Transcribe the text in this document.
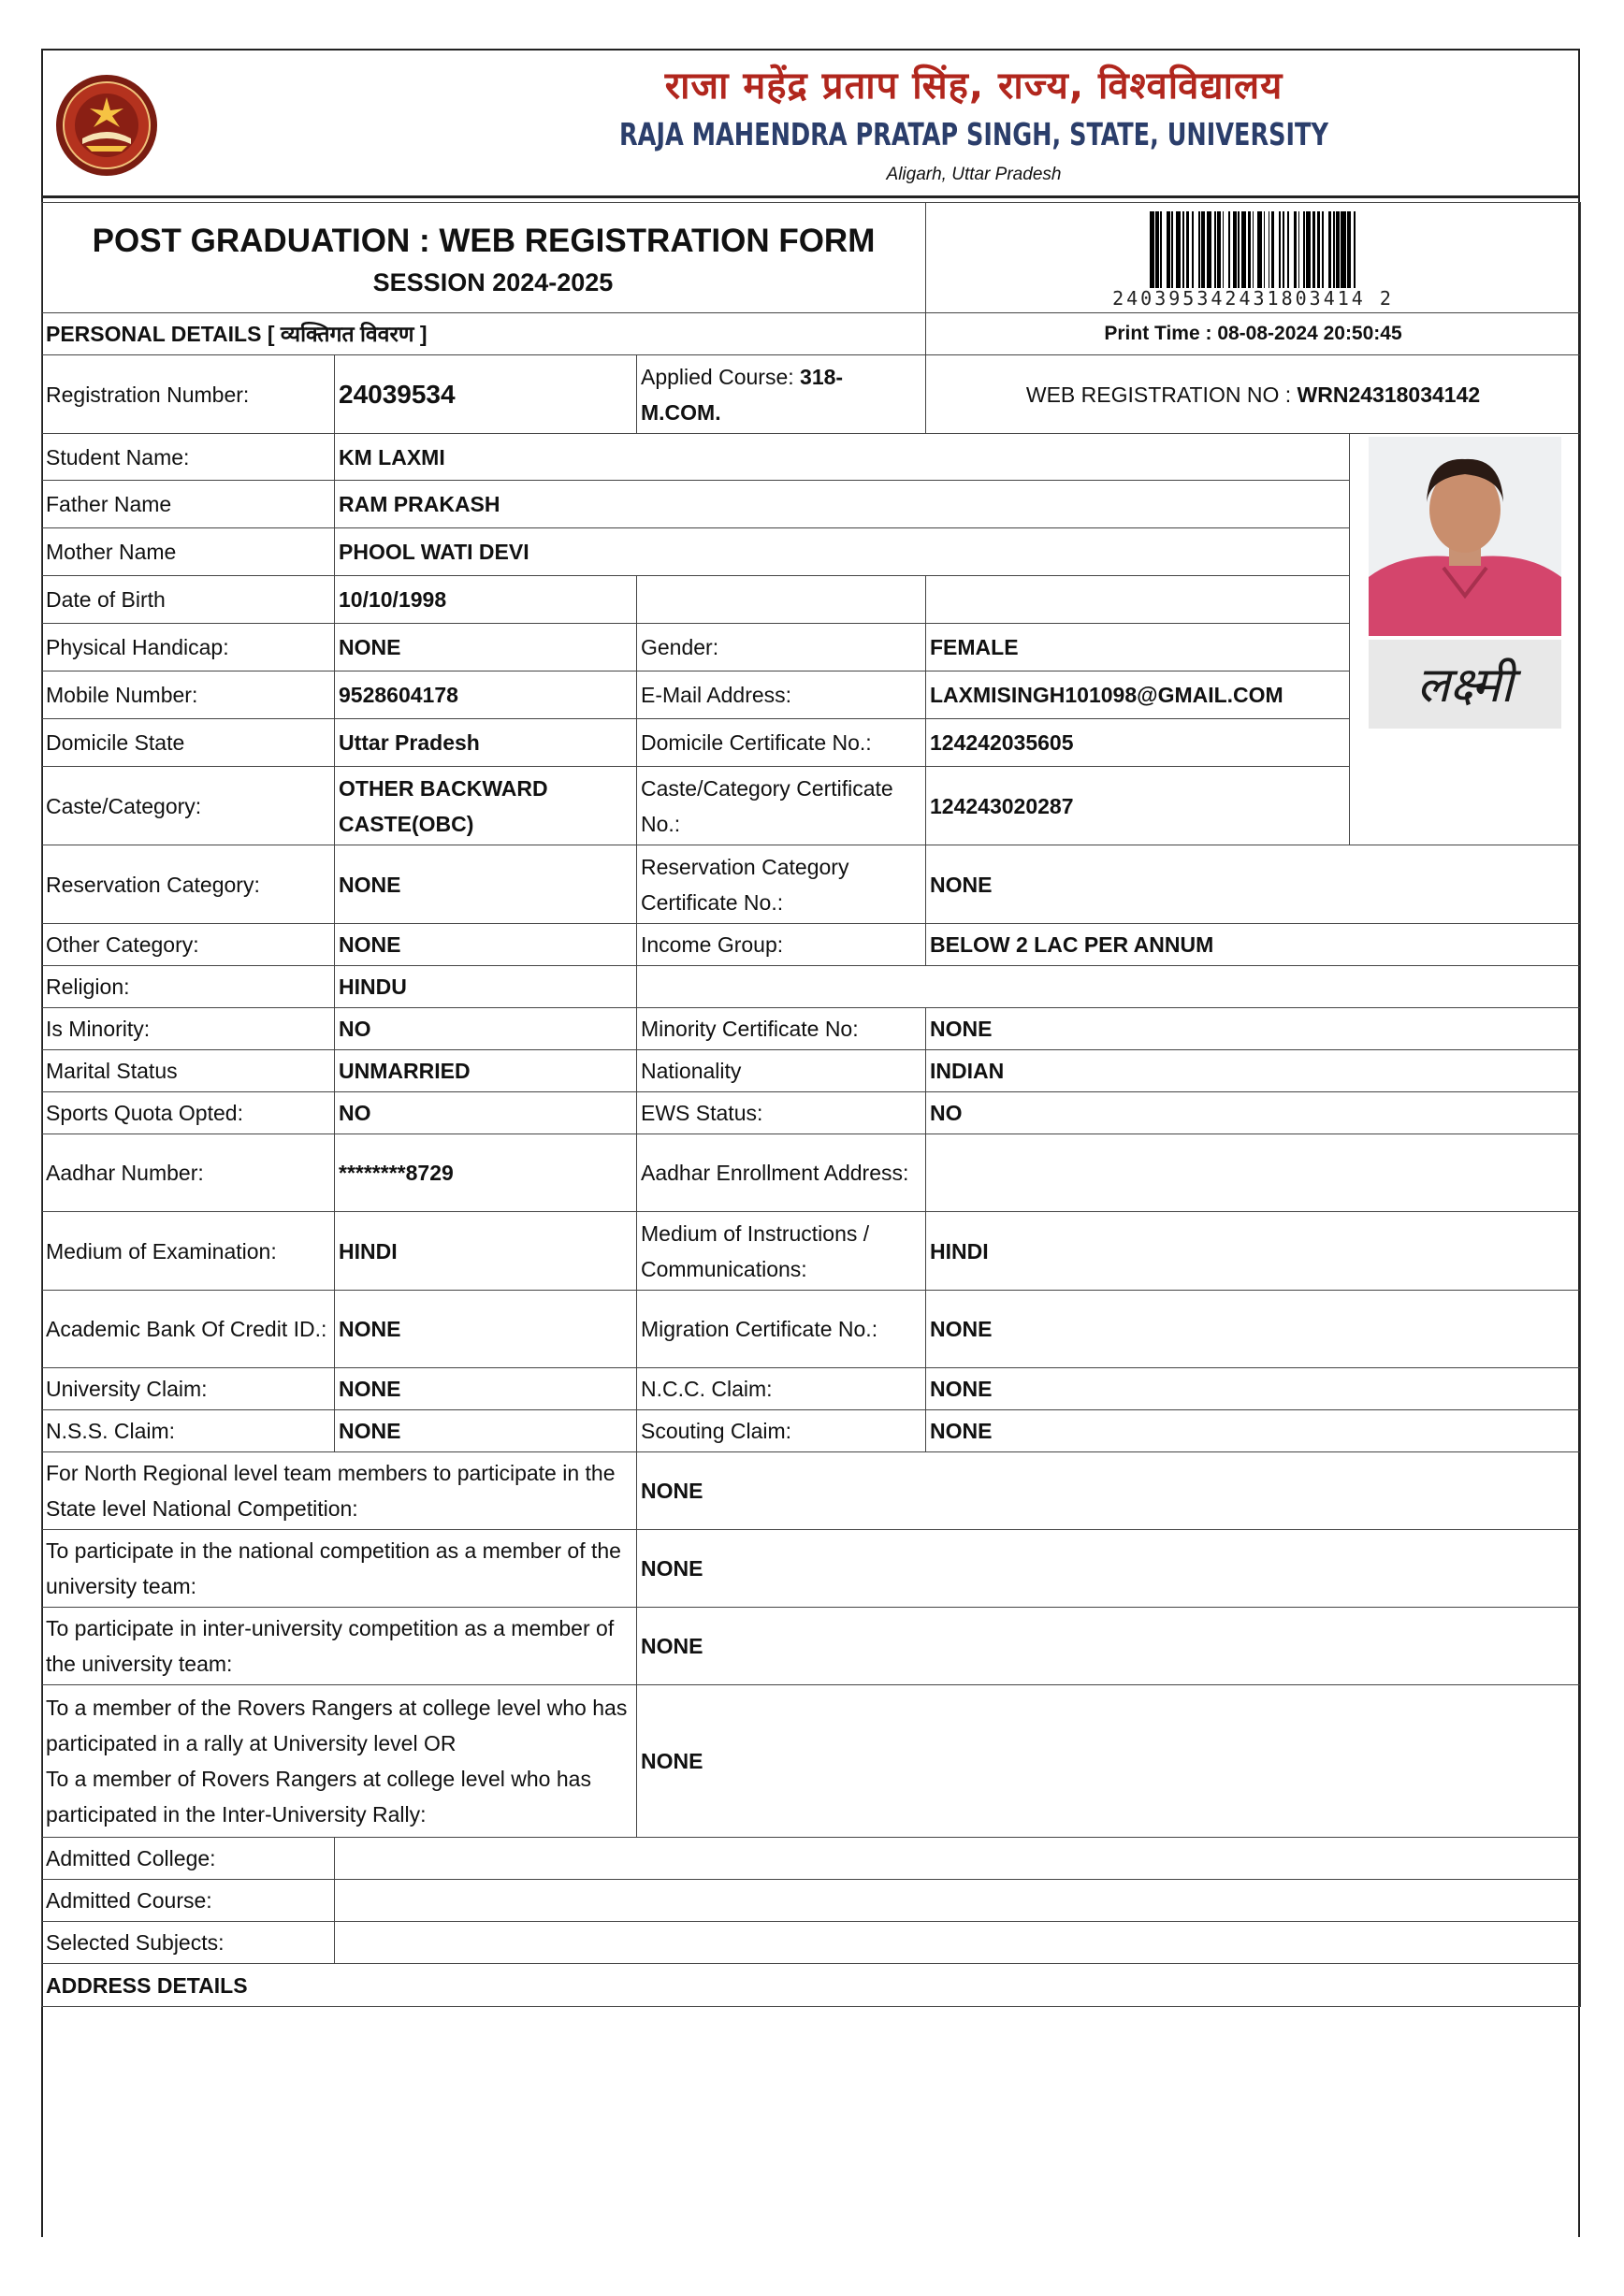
राजा महेंद्र प्रताप सिंह, राज्य, विश्वविद्यालय
RAJA MAHENDRA PRATAP SINGH, STATE, UNIVERSITY
Aligarh, Uttar Pradesh
POST GRADUATION : WEB REGISTRATION FORM
SESSION 2024-2025			240395342431803414 2	

PERSONAL DETAILS [ व्यक्तिगत विवरण ]			Print Time : 08-08-2024 20:50:45	
Registration Number:	24039534	Applied Course: 318-M.COM.	WEB REGISTRATION NO : WRN24318034142	
Student Name:	KM LAXMI			लक्ष्मी

Father Name	RAM PRAKASH			
Mother Name	PHOOL WATI DEVI			
Date of Birth	10/10/1998			
Physical Handicap:	NONE	Gender:	FEMALE	
Mobile Number:	9528604178	E-Mail Address:	LAXMISINGH101098@GMAIL.COM	
Domicile State	Uttar Pradesh	Domicile Certificate No.:	124242035605	
Caste/Category:	OTHER BACKWARD CASTE(OBC)	Caste/Category Certificate No.:	124243020287	
Reservation Category:	NONE	Reservation Category Certificate No.:	NONE	
Other Category:	NONE	Income Group:	BELOW 2 LAC PER ANNUM	
Religion:	HINDU			
Is Minority:	NO	Minority Certificate No:	NONE	
Marital Status	UNMARRIED	Nationality	INDIAN	
Sports Quota Opted:	NO	EWS Status:	NO	
Aadhar Number:	********8729	Aadhar Enrollment Address:		
Medium of Examination:	HINDI	Medium of Instructions / Communications:	HINDI	
Academic Bank Of Credit ID.:	NONE	Migration Certificate No.:	NONE	
University Claim:	NONE	N.C.C. Claim:	NONE	
N.S.S. Claim:	NONE	Scouting Claim:	NONE	
For North Regional level team members to participate in the State level National Competition:		NONE		
To participate in the national competition as a member of the university team:		NONE		
To participate in inter-university competition as a member of the university team:		NONE		
To a member of the Rovers Rangers at college level who has participated in a rally at University level OR
To a member of Rovers Rangers at college level who has participated in the Inter-University Rally:		NONE		
Admitted College:				
Admitted Course:				
Selected Subjects:				
ADDRESS DETAILS				
